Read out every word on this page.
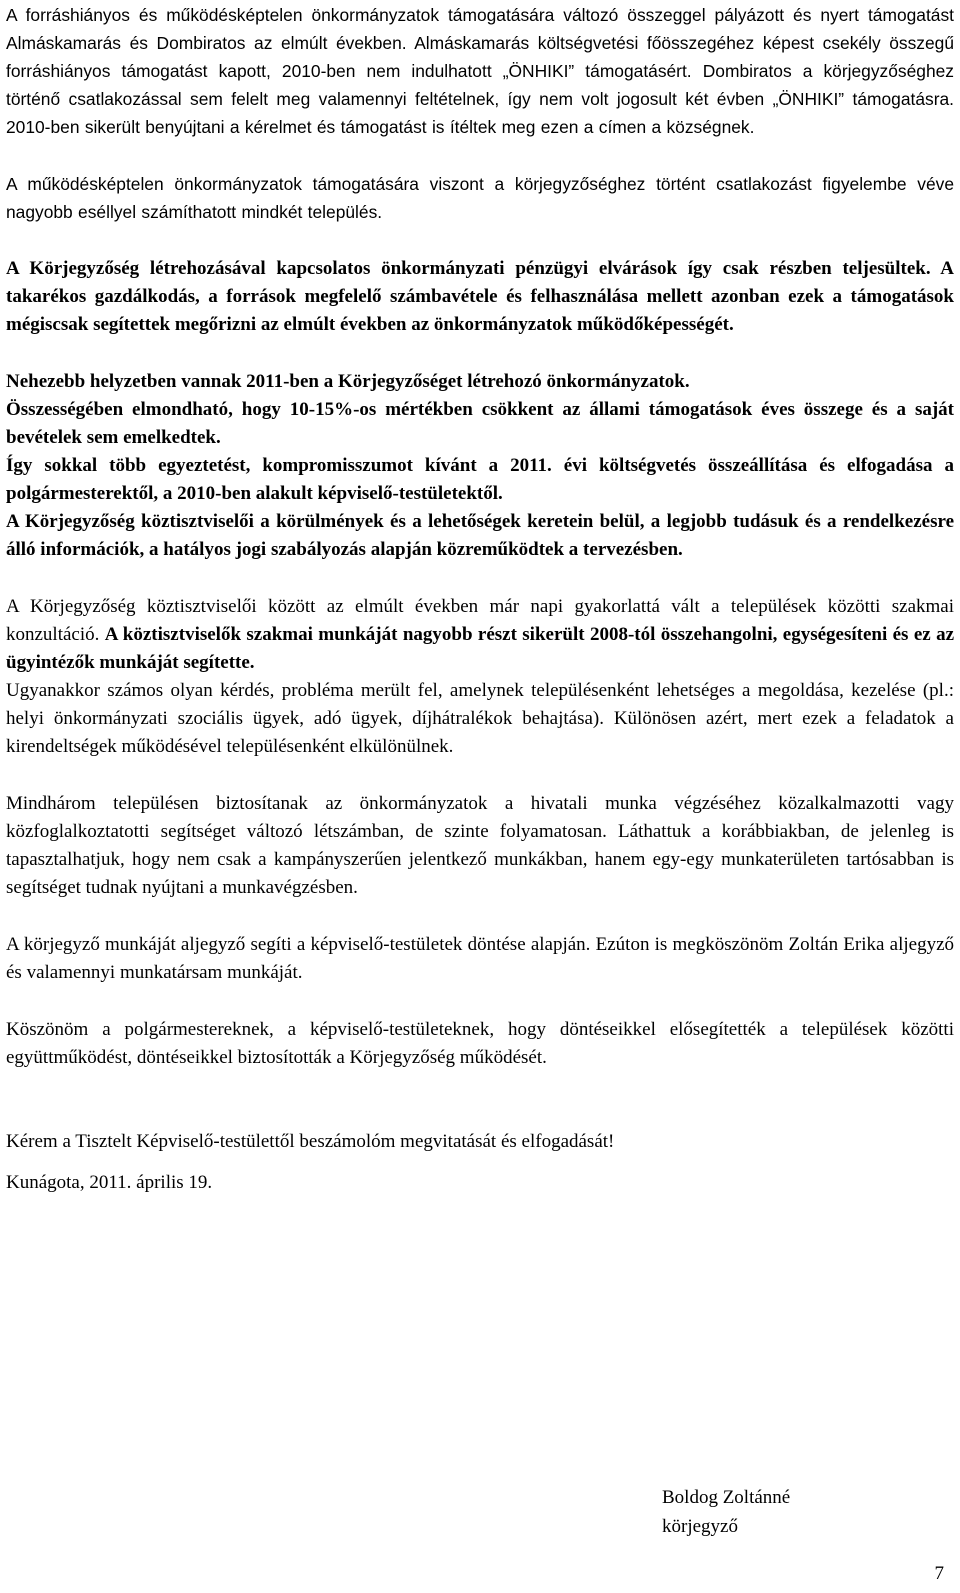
A forráshiányos és működésképtelen önkormányzatok támogatására változó összeggel pályázott és nyert támogatást Almáskamarás és Dombiratos az elmúlt években. Almáskamarás költségvetési főösszegéhez képest csekély összegű forráshiányos támogatást kapott, 2010-ben nem indulhatott „ÖNHIKI” támogatásért. Dombiratos a körjegyzőséghez történő csatlakozással sem felelt meg valamennyi feltételnek, így nem volt jogosult két évben „ÖNHIKI” támogatásra. 2010-ben sikerült benyújtani a kérelmet és támogatást is ítéltek meg ezen a címen a községnek.

A működésképtelen önkormányzatok támogatására viszont a körjegyzőséghez történt csatlakozást figyelembe véve nagyobb eséllyel számíthatott mindkét település.

A Körjegyzőség létrehozásával kapcsolatos önkormányzati pénzügyi elvárások így csak részben teljesültek. A takarékos gazdálkodás, a források megfelelő számbavétele és felhasználása mellett azonban ezek a támogatások mégiscsak segítettek megőrizni az elmúlt években az önkormányzatok működőképességét.

Nehezebb helyzetben vannak 2011-ben a Körjegyzőséget létrehozó önkormányzatok.

Összességében elmondható, hogy 10-15%-os mértékben csökkent az állami támogatások éves összege és a saját bevételek sem emelkedtek.

Így sokkal több egyeztetést, kompromisszumot kívánt a 2011. évi költségvetés összeállítása és elfogadása a polgármesterektől, a 2010-ben alakult képviselő-testületektől.

A Körjegyzőség köztisztviselői a körülmények és a lehetőségek keretein belül, a legjobb tudásuk és a rendelkezésre álló információk, a hatályos jogi szabályozás alapján közreműködtek a tervezésben.

A Körjegyzőség köztisztviselői között az elmúlt években már napi gyakorlattá vált a települések közötti szakmai konzultáció. A köztisztviselők szakmai munkáját nagyobb részt sikerült 2008-tól összehangolni, egységesíteni és ez az ügyintézők munkáját segítette.

Ugyanakkor számos olyan kérdés, probléma merült fel, amelynek településenként lehetséges a megoldása, kezelése (pl.: helyi önkormányzati szociális ügyek, adó ügyek, díjhátralékok behajtása). Különösen azért, mert ezek a feladatok a kirendeltségek működésével településenként elkülönülnek.

Mindhárom településen biztosítanak az önkormányzatok a hivatali munka végzéséhez közalkalmazotti vagy közfoglalkoztatotti segítséget változó létszámban, de szinte folyamatosan. Láthattuk a korábbiakban, de jelenleg is tapasztalhatjuk, hogy nem csak a kampányszerűen jelentkező munkákban, hanem egy-egy munkaterületen tartósabban is segítséget tudnak nyújtani a munkavégzésben.

A körjegyző munkáját aljegyző segíti a képviselő-testületek döntése alapján. Ezúton is megköszönöm Zoltán Erika aljegyző és valamennyi munkatársam munkáját.

Köszönöm a polgármestereknek, a képviselő-testületeknek, hogy döntéseikkel elősegítették a települések közötti együttműködést, döntéseikkel biztosították a Körjegyzőség működését.

Kérem a Tisztelt Képviselő-testülettől beszámolóm megvitatását és elfogadását!

Kunágota, 2011. április 19.

Boldog Zoltánné
körjegyző
7
